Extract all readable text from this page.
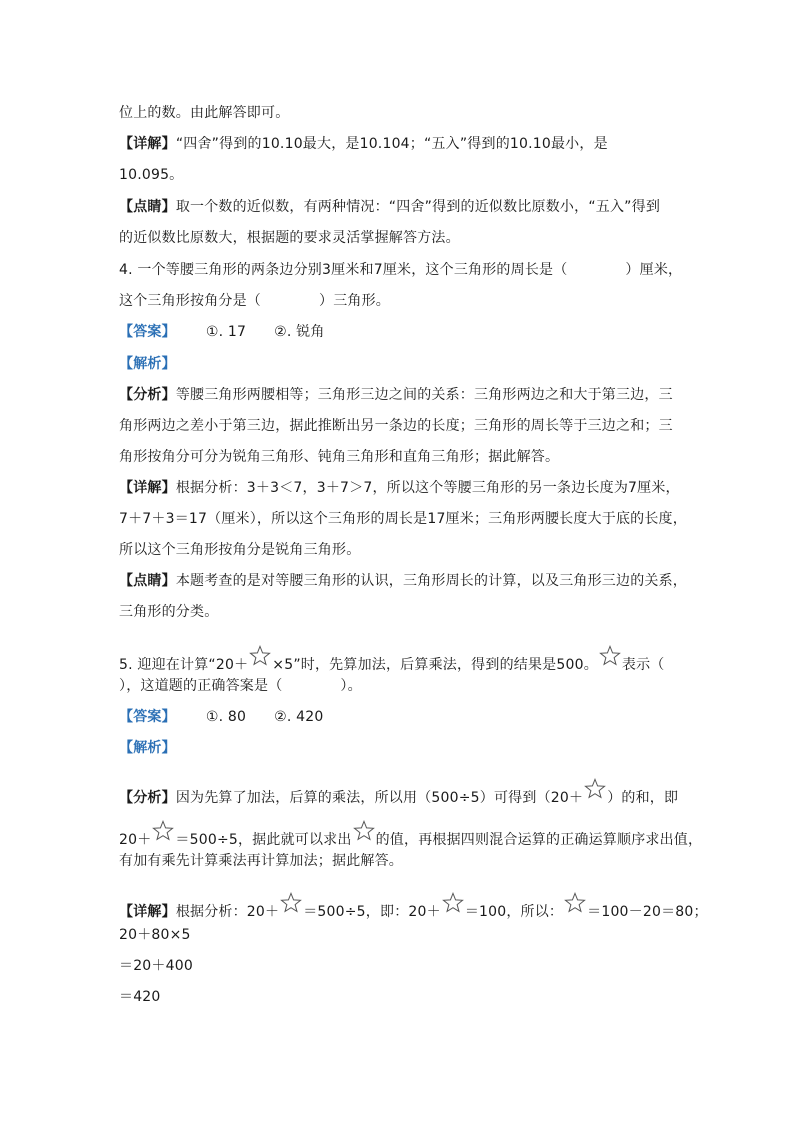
位上的数。由此解答即可。
【详解】“四舍”得到的10.10最大，是10.104；“五入”得到的10.10最小，是
10.095。
【点睛】取一个数的近似数，有两种情况：“四舍”得到的近似数比原数小，“五入”得到
的近似数比原数大，根据题的要求灵活掌握解答方法。
4. 一个等腰三角形的两条边分别3厘米和7厘米，这个三角形的周长是（	）厘米，
这个三角形按角分是（	）三角形。
【答案】 ①. 17 ②. 锐角
【解析】
【分析】等腰三角形两腰相等；三角形三边之间的关系：三角形两边之和大于第三边，三
角形两边之差小于第三边，据此推断出另一条边的长度；三角形的周长等于三边之和；三
角形按角分可分为锐角三角形、钝角三角形和直角三角形；据此解答。
【详解】根据分析：3＋3＜7，3＋7＞7，所以这个等腰三角形的另一条边长度为7厘米，
7＋7＋3＝17（厘米），所以这个三角形的周长是17厘米；三角形两腰长度大于底的长度，
所以这个三角形按角分是锐角三角形。
【点睛】本题考查的是对等腰三角形的认识，三角形周长的计算，以及三角形三边的关系，
三角形的分类。
5. 迎迎在计算“20＋ ×5”时，先算加法，后算乘法，得到的结果是500。 表示（
），这道题的正确答案是（	）。
【答案】 ①. 80 ②. 420
【解析】
【分析】因为先算了加法，后算的乘法，所以用（500÷5）可得到（20＋ ）的和，即
20＋ ＝500÷5，据此就可以求出 的值，再根据四则混合运算的正确运算顺序求出值，
有加有乘先计算乘法再计算加法；据此解答。
【详解】根据分析：20＋ ＝500÷5，即：20＋ ＝100，所以： ＝100－20＝80；
20＋80×5
＝20＋400
＝420
